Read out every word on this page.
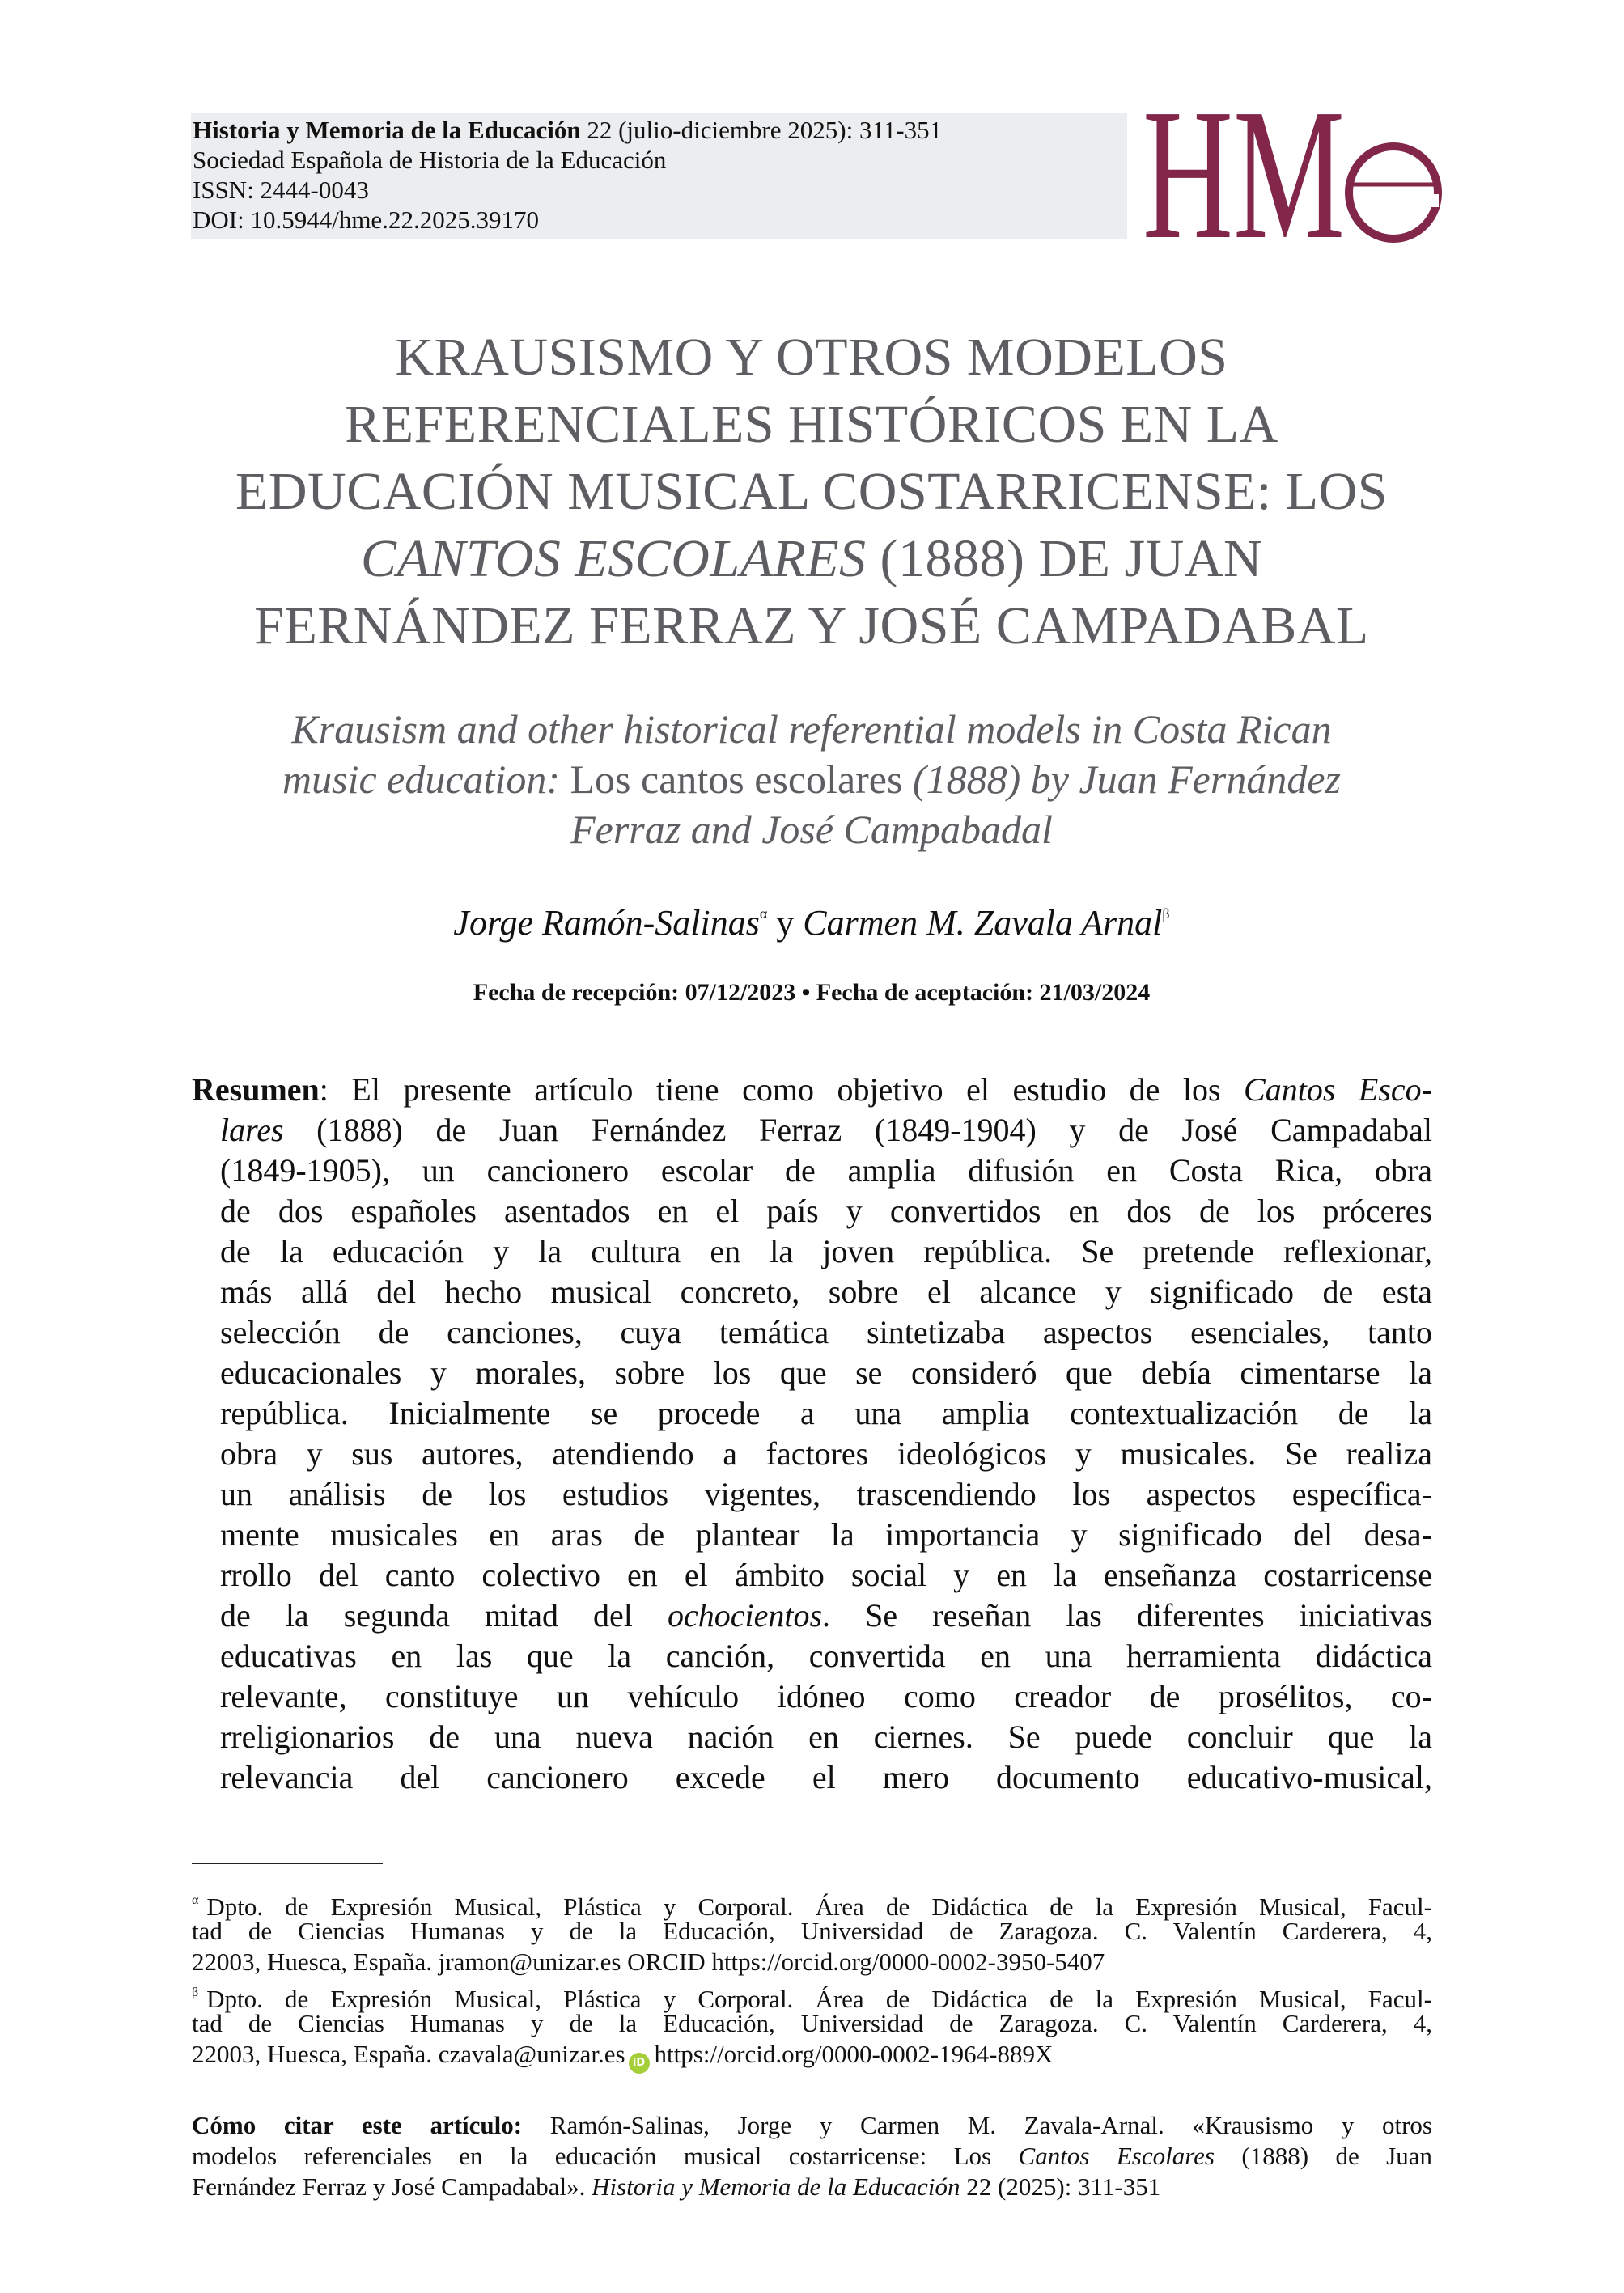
Historia y Memoria de la Educación 22 (julio-diciembre 2025): 311-351
Sociedad Española de Historia de la Educación
ISSN: 2444-0043
DOI: 10.5944/hme.22.2025.39170	HM
KRAUSISMO Y OTROS MODELOS
REFERENCIALES HISTÓRICOS EN LA
EDUCACIÓN MUSICAL COSTARRICENSE: LOS
CANTOS ESCOLARES (1888) DE JUAN
FERNÁNDEZ FERRAZ Y JOSÉ CAMPADABAL
Krausism and other historical referential models in Costa Rican
music education: Los cantos escolares (1888) by Juan Fernández
Ferraz and José Campabadal
Jorge Ramón-Salinas$^\alpha$ y Carmen M. Zavala Arnal$^\beta$
Fecha de recepción: 07/12/2023 • Fecha de aceptación: 21/03/2024
Resumen: El presente artículo tiene como objetivo el estudio de los Cantos Esco-
lares (1888) de Juan Fernández Ferraz (1849-1904) y de José Campadabal
(1849-1905), un cancionero escolar de amplia difusión en Costa Rica, obra
de dos españoles asentados en el país y convertidos en dos de los próceres
de la educación y la cultura en la joven república. Se pretende reflexionar,
más allá del hecho musical concreto, sobre el alcance y significado de esta
selección de canciones, cuya temática sintetizaba aspectos esenciales, tanto
educacionales y morales, sobre los que se consideró que debía cimentarse la
república. Inicialmente se procede a una amplia contextualización de la
obra y sus autores, atendiendo a factores ideológicos y musicales. Se realiza
un análisis de los estudios vigentes, trascendiendo los aspectos específica-
mente musicales en aras de plantear la importancia y significado del desa-
rrollo del canto colectivo en el ámbito social y en la enseñanza costarricense
de la segunda mitad del ochocientos. Se reseñan las diferentes iniciativas
educativas en las que la canción, convertida en una herramienta didáctica
relevante, constituye un vehículo idóneo como creador de prosélitos, co-
rreligionarios de una nueva nación en ciernes. Se puede concluir que la
relevancia del cancionero excede el mero documento educativo-musical,
$^\alpha$ Dpto. de Expresión Musical, Plástica y Corporal. Área de Didáctica de la Expresión Musical, Facul-
tad de Ciencias Humanas y de la Educación, Universidad de Zaragoza. C. Valentín Carderera, 4,
22003, Huesca, España. jramon@unizar.es ORCID https://orcid.org/0000-0002-3950-5407
$^\beta$ Dpto. de Expresión Musical, Plástica y Corporal. Área de Didáctica de la Expresión Musical, Facul-
tad de Ciencias Humanas y de la Educación, Universidad de Zaragoza. C. Valentín Carderera, 4,
22003, Huesca, España. czavala@unizar.es iD https://orcid.org/0000-0002-1964-889X
Cómo citar este artículo: Ramón-Salinas, Jorge y Carmen M. Zavala-Arnal. «Krausismo y otros
modelos referenciales en la educación musical costarricense: Los Cantos Escolares (1888) de Juan
Fernández Ferraz y José Campadabal». Historia y Memoria de la Educación 22 (2025): 311-351
